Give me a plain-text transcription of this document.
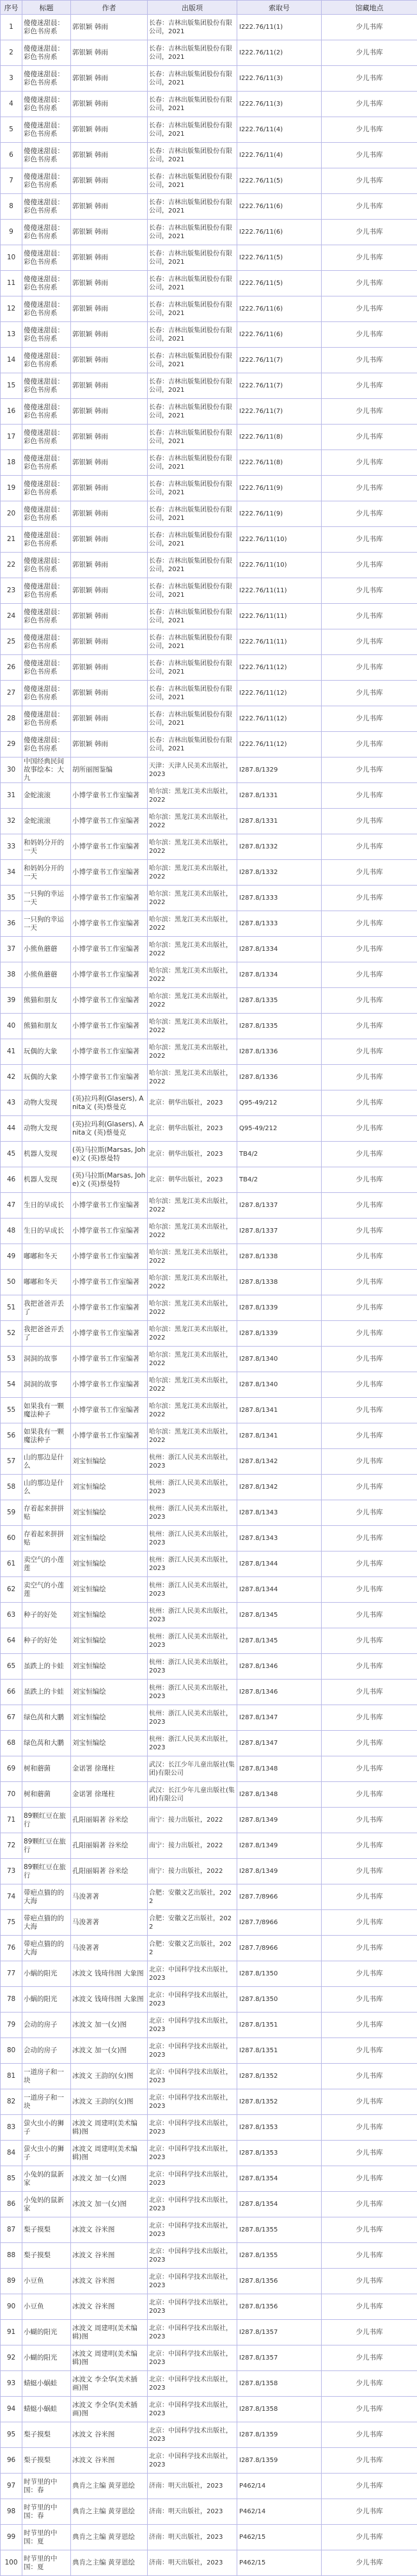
序号	标题	作者	出版项	索取号	馆藏地点
1	傻傻迷甜晨：彩色书房系	郭银颖 韩雨	长春：吉林出版集团股份有限公司，2021	I222.76/11(1)	少儿书库
2	傻傻迷甜晨：彩色书房系	郭银颖 韩雨	长春：吉林出版集团股份有限公司，2021	I222.76/11(2)	少儿书库
3	傻傻迷甜晨：彩色书房系	郭银颖 韩雨	长春：吉林出版集团股份有限公司，2021	I222.76/11(3)	少儿书库
4	傻傻迷甜晨：彩色书房系	郭银颖 韩雨	长春：吉林出版集团股份有限公司，2021	I222.76/11(3)	少儿书库
5	傻傻迷甜晨：彩色书房系	郭银颖 韩雨	长春：吉林出版集团股份有限公司，2021	I222.76/11(4)	少儿书库
6	傻傻迷甜晨：彩色书房系	郭银颖 韩雨	长春：吉林出版集团股份有限公司，2021	I222.76/11(4)	少儿书库
7	傻傻迷甜晨：彩色书房系	郭银颖 韩雨	长春：吉林出版集团股份有限公司，2021	I222.76/11(5)	少儿书库
8	傻傻迷甜晨：彩色书房系	郭银颖 韩雨	长春：吉林出版集团股份有限公司，2021	I222.76/11(6)	少儿书库
9	傻傻迷甜晨：彩色书房系	郭银颖 韩雨	长春：吉林出版集团股份有限公司，2021	I222.76/11(6)	少儿书库
10	傻傻迷甜晨：彩色书房系	郭银颖 韩雨	长春：吉林出版集团股份有限公司，2021	I222.76/11(5)	少儿书库
11	傻傻迷甜晨：彩色书房系	郭银颖 韩雨	长春：吉林出版集团股份有限公司，2021	I222.76/11(5)	少儿书库
12	傻傻迷甜晨：彩色书房系	郭银颖 韩雨	长春：吉林出版集团股份有限公司，2021	I222.76/11(6)	少儿书库
13	傻傻迷甜晨：彩色书房系	郭银颖 韩雨	长春：吉林出版集团股份有限公司，2021	I222.76/11(6)	少儿书库
14	傻傻迷甜晨：彩色书房系	郭银颖 韩雨	长春：吉林出版集团股份有限公司，2021	I222.76/11(7)	少儿书库
15	傻傻迷甜晨：彩色书房系	郭银颖 韩雨	长春：吉林出版集团股份有限公司，2021	I222.76/11(7)	少儿书库
16	傻傻迷甜晨：彩色书房系	郭银颖 韩雨	长春：吉林出版集团股份有限公司，2021	I222.76/11(7)	少儿书库
17	傻傻迷甜晨：彩色书房系	郭银颖 韩雨	长春：吉林出版集团股份有限公司，2021	I222.76/11(8)	少儿书库
18	傻傻迷甜晨：彩色书房系	郭银颖 韩雨	长春：吉林出版集团股份有限公司，2021	I222.76/11(8)	少儿书库
19	傻傻迷甜晨：彩色书房系	郭银颖 韩雨	长春：吉林出版集团股份有限公司，2021	I222.76/11(9)	少儿书库
20	傻傻迷甜晨：彩色书房系	郭银颖 韩雨	长春：吉林出版集团股份有限公司，2021	I222.76/11(9)	少儿书库
21	傻傻迷甜晨：彩色书房系	郭银颖 韩雨	长春：吉林出版集团股份有限公司，2021	I222.76/11(10)	少儿书库
22	傻傻迷甜晨：彩色书房系	郭银颖 韩雨	长春：吉林出版集团股份有限公司，2021	I222.76/11(10)	少儿书库
23	傻傻迷甜晨：彩色书房系	郭银颖 韩雨	长春：吉林出版集团股份有限公司，2021	I222.76/11(11)	少儿书库
24	傻傻迷甜晨：彩色书房系	郭银颖 韩雨	长春：吉林出版集团股份有限公司，2021	I222.76/11(11)	少儿书库
25	傻傻迷甜晨：彩色书房系	郭银颖 韩雨	长春：吉林出版集团股份有限公司，2021	I222.76/11(11)	少儿书库
26	傻傻迷甜晨：彩色书房系	郭银颖 韩雨	长春：吉林出版集团股份有限公司，2021	I222.76/11(12)	少儿书库
27	傻傻迷甜晨：彩色书房系	郭银颖 韩雨	长春：吉林出版集团股份有限公司，2021	I222.76/11(12)	少儿书库
28	傻傻迷甜晨：彩色书房系	郭银颖 韩雨	长春：吉林出版集团股份有限公司，2021	I222.76/11(12)	少儿书库
29	傻傻迷甜晨：彩色书房系	郭银颖 韩雨	长春：吉林出版集团股份有限公司，2021	I222.76/11(12)	少儿书库
30	中国经典民间故事绘本：大九	胡所丽图鉴编	天津：天津人民美术出版社，2023	I287.8/1329	少儿书库
31	金蛇滚滚	小博学童书工作室编著	哈尔滨：黑龙江美术出版社，2022	I287.8/1331	少儿书库
32	金蛇滚滚	小博学童书工作室编著	哈尔滨：黑龙江美术出版社，2022	I287.8/1331	少儿书库
33	和妈妈分开的一天	小博学童书工作室编著	哈尔滨：黑龙江美术出版社，2022	I287.8/1332	少儿书库
34	和妈妈分开的一天	小博学童书工作室编著	哈尔滨：黑龙江美术出版社，2022	I287.8/1332	少儿书库
35	一只狗的幸运一天	小博学童书工作室编著	哈尔滨：黑龙江美术出版社，2022	I287.8/1333	少儿书库
36	一只狗的幸运一天	小博学童书工作室编著	哈尔滨：黑龙江美术出版社，2022	I287.8/1333	少儿书库
37	小熊鱼蘑蘑	小博学童书工作室编著	哈尔滨：黑龙江美术出版社，2022	I287.8/1334	少儿书库
38	小熊鱼蘑蘑	小博学童书工作室编著	哈尔滨：黑龙江美术出版社，2022	I287.8/1334	少儿书库
39	熊猫和朋友	小博学童书工作室编著	哈尔滨：黑龙江美术出版社，2022	I287.8/1335	少儿书库
40	熊猫和朋友	小博学童书工作室编著	哈尔滨：黑龙江美术出版社，2022	I287.8/1335	少儿书库
41	玩偶的大象	小博学童书工作室编著	哈尔滨：黑龙江美术出版社，2022	I287.8/1336	少儿书库
42	玩偶的大象	小博学童书工作室编著	哈尔滨：黑龙江美术出版社，2022	I287.8/1336	少儿书库
43	动物大发现	(英)拉玛利(Glasers), Anita文 (英)蔡曼克	北京：朝华出版社，2023	Q95-49/212	少儿书库
44	动物大发现	(英)拉玛利(Glasers), Anita文 (英)蔡曼克	北京：朝华出版社，2023	Q95-49/212	少儿书库
45	机器人发现	(英)马拉斯(Marsas, Johe)文 (英)蔡曼特	北京：朝华出版社，2023	TB4/2	少儿书库
46	机器人发现	(英)马拉斯(Marsas, Johe)文 (英)蔡曼特	北京：朝华出版社，2023	TB4/2	少儿书库
47	生日的早成长	小博学童书工作室编著	哈尔滨：黑龙江美术出版社，2022	I287.8/1337	少儿书库
48	生日的早成长	小博学童书工作室编著	哈尔滨：黑龙江美术出版社，2022	I287.8/1337	少儿书库
49	嘟嘟和冬天	小博学童书工作室编著	哈尔滨：黑龙江美术出版社，2022	I287.8/1338	少儿书库
50	嘟嘟和冬天	小博学童书工作室编著	哈尔滨：黑龙江美术出版社，2022	I287.8/1338	少儿书库
51	我把爸爸弄丢了	小博学童书工作室编著	哈尔滨：黑龙江美术出版社，2022	I287.8/1339	少儿书库
52	我把爸爸弄丢了	小博学童书工作室编著	哈尔滨：黑龙江美术出版社，2022	I287.8/1339	少儿书库
53	洞洞的故事	小博学童书工作室编著	哈尔滨：黑龙江美术出版社，2022	I287.8/1340	少儿书库
54	洞洞的故事	小博学童书工作室编著	哈尔滨：黑龙江美术出版社，2022	I287.8/1340	少儿书库
55	如果我有一颗魔法种子	小博学童书工作室编著	哈尔滨：黑龙江美术出版社，2022	I287.8/1341	少儿书库
56	如果我有一颗魔法种子	小博学童书工作室编著	哈尔滨：黑龙江美术出版社，2022	I287.8/1341	少儿书库
57	山的那边是什么	刘宝恒编绘	杭州：浙江人民美术出版社，2023	I287.8/1342	少儿书库
58	山的那边是什么	刘宝恒编绘	杭州：浙江人民美术出版社，2023	I287.8/1342	少儿书库
59	存着起来拼拼贴	刘宝恒编绘	杭州：浙江人民美术出版社，2023	I287.8/1343	少儿书库
60	存着起来拼拼贴	刘宝恒编绘	杭州：浙江人民美术出版社，2023	I287.8/1343	少儿书库
61	卖空气的小莲莲	刘宝恒编绘	杭州：浙江人民美术出版社，2023	I287.8/1344	少儿书库
62	卖空气的小莲莲	刘宝恒编绘	杭州：浙江人民美术出版社，2023	I287.8/1344	少儿书库
63	种子的好处	刘宝恒编绘	杭州：浙江人民美术出版社，2023	I287.8/1345	少儿书库
64	种子的好处	刘宝恒编绘	杭州：浙江人民美术出版社，2023	I287.8/1345	少儿书库
65	虽跌上的卡蛙	刘宝恒编绘	杭州：浙江人民美术出版社，2023	I287.8/1346	少儿书库
66	虽跌上的卡蛙	刘宝恒编绘	杭州：浙江人民美术出版社，2023	I287.8/1346	少儿书库
67	绿色莴和大鹏	刘宝恒编绘	杭州：浙江人民美术出版社，2023	I287.8/1347	少儿书库
68	绿色莴和大鹏	刘宝恒编绘	杭州：浙江人民美术出版社，2023	I287.8/1347	少儿书库
69	树和蘑菌	金诺署 徐瑾柱	武汉：长江少年儿童出版社(集团)有限公司	I287.8/1348	少儿书库
70	树和蘑菌	金诺署 徐瑾柱	武汉：长江少年儿童出版社(集团)有限公司	I287.8/1348	少儿书库
71	89颗红豆在旅行	孔阳丽娟著 谷米绘	南宁：接力出版社，2022	I287.8/1349	少儿书库
72	89颗红豆在旅行	孔阳丽娟著 谷米绘	南宁：接力出版社，2022	I287.8/1349	少儿书库
73	89颗红豆在旅行	孔阳丽娟著 谷米绘	南宁：接力出版社，2022	I287.8/1349	少儿书库
74	带疤点猫的的大海	马浚著著	合肥：安徽文艺出版社，2022	I287.7/8966	少儿书库
75	带疤点猫的的大海	马浚著著	合肥：安徽文艺出版社，2022	I287.7/8966	少儿书库
76	带疤点猫的的大海	马浚著著	合肥：安徽文艺出版社，2022	I287.7/8966	少儿书库
77	小蜗的阳光	冰波文 钱琦伟图 大象图	北京：中国科学技术出版社，2023	I287.8/1350	少儿书库
78	小蜗的阳光	冰波文 钱琦伟图 大象图	北京：中国科学技术出版社，2023	I287.8/1350	少儿书库
79	会动的房子	冰波文 加一(女)图	北京：中国科学技术出版社，2023	I287.8/1351	少儿书库
80	会动的房子	冰波文 加一(女)图	北京：中国科学技术出版社，2023	I287.8/1351	少儿书库
81	一道房子和一块	冰波文 王韵的(女)图	北京：中国科学技术出版社，2023	I287.8/1352	少儿书库
82	一道房子和一块	冰波文 王韵的(女)图	北京：中国科学技术出版社，2023	I287.8/1352	少儿书库
83	萤火虫小的狮子	冰波文 周建明(美术编辑)图	北京：中国科学技术出版社，2023	I287.8/1353	少儿书库
84	萤火虫小的狮子	冰波文 周建明(美术编辑)图	北京：中国科学技术出版社，2023	I287.8/1353	少儿书库
85	小兔妈的鼠新家	冰波文 加一(女)图	北京：中国科学技术出版社，2023	I287.8/1354	少儿书库
86	小兔妈的鼠新家	冰波文 加一(女)图	北京：中国科学技术出版社，2023	I287.8/1354	少儿书库
87	梨子摸梨	冰波文 谷米图	北京：中国科学技术出版社，2023	I287.8/1355	少儿书库
88	梨子摸梨	冰波文 谷米图	北京：中国科学技术出版社，2023	I287.8/1355	少儿书库
89	小豆鱼	冰波文 谷米图	北京：中国科学技术出版社，2023	I287.8/1356	少儿书库
90	小豆鱼	冰波文 谷米图	北京：中国科学技术出版社，2023	I287.8/1356	少儿书库
91	小蝴的阳光	冰波文 周建明(美术编辑)图	北京：中国科学技术出版社，2023	I287.8/1357	少儿书库
92	小蝴的阳光	冰波文 周建明(美术编辑)图	北京：中国科学技术出版社，2023	I287.8/1357	少儿书库
93	蜻蜓小蜗蛙	冰波文 李全华(美术插画)图	北京：中国科学技术出版社，2023	I287.8/1358	少儿书库
94	蜻蜓小蜗蛙	冰波文 李全华(美术插画)图	北京：中国科学技术出版社，2023	I287.8/1358	少儿书库
95	梨子摸梨	冰波文 谷米图	北京：中国科学技术出版社，2023	I287.8/1359	少儿书库
96	梨子摸梨	冰波文 谷米图	北京：中国科学技术出版社，2023	I287.8/1359	少儿书库
97	时节里的中国：春	典肯之主编 黄芽恩绘	济南：明天出版社，2023	P462/14	少儿书库
98	时节里的中国：春	典肯之主编 黄芽恩绘	济南：明天出版社，2023	P462/14	少儿书库
99	时节里的中国：夏	典肯之主编 黄芽恩绘	济南：明天出版社，2023	P462/15	少儿书库
100	时节里的中国：夏	典肯之主编 黄芽恩绘	济南：明天出版社，2023	P462/15	少儿书库
